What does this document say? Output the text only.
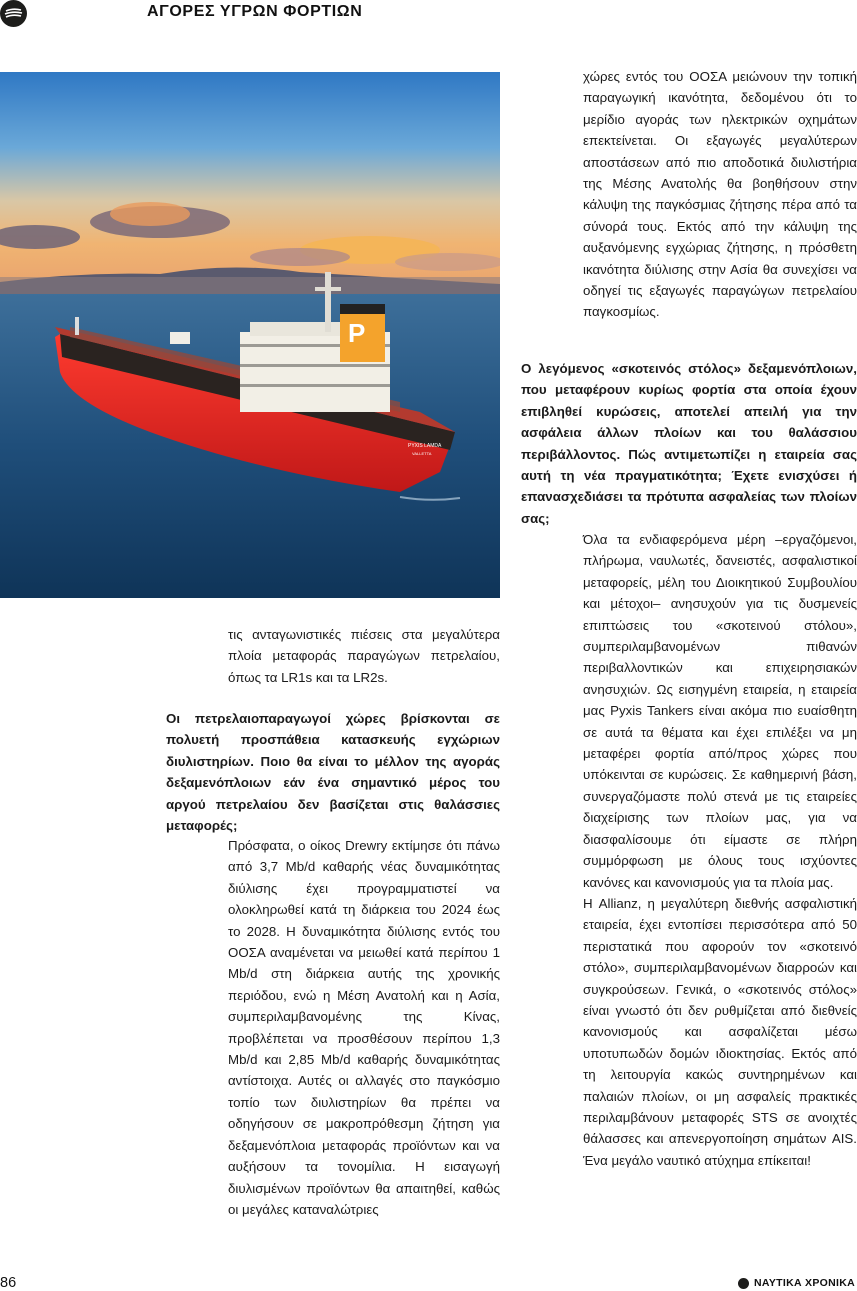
ΑΓΟΡΕΣ ΥΓΡΩΝ ΦΟΡΤΙΩΝ
P
PYXIS LAMDA
VALLETTA

χώρες εντός του ΟΟΣΑ μειώνουν την τοπική παραγωγική ικανότητα, δεδομένου ότι το μερίδιο αγοράς των ηλεκτρικών οχημάτων επεκτείνεται. Οι εξαγωγές μεγαλύτερων αποστάσεων από πιο αποδοτικά διυλιστήρια της Μέσης Ανατολής θα βοηθήσουν στην κάλυψη της παγκόσμιας ζήτησης πέρα από τα σύνορά τους. Εκτός από την κάλυψη της αυξανόμενης εγχώριας ζήτησης, η πρόσθετη ικανότητα διύλισης στην Ασία θα συνεχίσει να οδηγεί τις εξαγωγές παραγώγων πετρελαίου παγκοσμίως.

Ο λεγόμενος «σκοτεινός στόλος» δεξαμενόπλοιων, που μεταφέρουν κυρίως φορτία στα οποία έχουν επιβληθεί κυρώσεις, αποτελεί απειλή για την ασφάλεια άλλων πλοίων και του θαλάσσιου περιβάλλοντος. Πώς αντιμετωπίζει η εταιρεία σας αυτή τη νέα πραγματικότητα; Έχετε ενισχύσει ή επανασχεδιάσει τα πρότυπα ασφαλείας των πλοίων σας;

Όλα τα ενδιαφερόμενα μέρη –εργαζόμενοι, πλήρωμα, ναυλωτές, δανειστές, ασφαλιστικοί μεταφορείς, μέλη του Διοικητικού Συμβουλίου και μέτοχοι– ανησυχούν για τις δυσμενείς επιπτώσεις του «σκοτεινού στόλου», συμπεριλαμβανομένων πιθανών περιβαλλοντικών και επιχειρησιακών ανησυχιών. Ως εισηγμένη εταιρεία, η εταιρεία μας Pyxis Tankers είναι ακόμα πιο ευαίσθητη σε αυτά τα θέματα και έχει επιλέξει να μη μεταφέρει φορτία από/προς χώρες που υπόκεινται σε κυρώσεις. Σε καθημερινή βάση, συνεργαζόμαστε πολύ στενά με τις εταιρείες διαχείρισης των πλοίων μας, για να διασφαλίσουμε ότι είμαστε σε πλήρη συμμόρφωση με όλους τους ισχύοντες κανόνες και κανονισμούς για τα πλοία μας.

Η Allianz, η μεγαλύτερη διεθνής ασφαλιστική εταιρεία, έχει εντοπίσει περισσότερα από 50 περιστατικά που αφορούν τον «σκοτεινό στόλο», συμπεριλαμβανομένων διαρροών και συγκρούσεων. Γενικά, ο «σκοτεινός στόλος» είναι γνωστό ότι δεν ρυθμίζεται από διεθνείς κανονισμούς και ασφαλίζεται μέσω υποτυπωδών δομών ιδιοκτησίας. Εκτός από τη λειτουργία κακώς συντηρημένων και παλαιών πλοίων, οι μη ασφαλείς πρακτικές περιλαμβάνουν μεταφορές STS σε ανοιχτές θάλασσες και απενεργοποίηση σημάτων AIS. Ένα μεγάλο ναυτικό ατύχημα επίκειται!

τις ανταγωνιστικές πιέσεις στα μεγαλύτερα πλοία μεταφοράς παραγώγων πετρελαίου, όπως τα LR1s και τα LR2s.

Οι πετρελαιοπαραγωγοί χώρες βρίσκονται σε πολυετή προσπάθεια κατασκευής εγχώριων διυλιστηρίων. Ποιο θα είναι το μέλλον της αγοράς δεξαμενόπλοιων εάν ένα σημαντικό μέρος του αργού πετρελαίου δεν βασίζεται στις θαλάσσιες μεταφορές;

Πρόσφατα, ο οίκος Drewry εκτίμησε ότι πάνω από 3,7 Mb/d καθαρής νέας δυναμικότητας διύλισης έχει προγραμματιστεί να ολοκληρωθεί κατά τη διάρκεια του 2024 έως το 2028. Η δυναμικότητα διύλισης εντός του ΟΟΣΑ αναμένεται να μειωθεί κατά περίπου 1 Mb/d στη διάρκεια αυτής της χρονικής περιόδου, ενώ η Μέση Ανατολή και η Ασία, συμπεριλαμβανομένης της Κίνας, προβλέπεται να προσθέσουν περίπου 1,3 Mb/d και 2,85 Mb/d καθαρής δυναμικότητας αντίστοιχα. Αυτές οι αλλαγές στο παγκόσμιο τοπίο των διυλιστηρίων θα πρέπει να οδηγήσουν σε μακροπρόθεσμη ζήτηση για δεξαμενόπλοια μεταφοράς προϊόντων και να αυξήσουν τα τονομίλια. Η εισαγωγή διυλισμένων προϊόντων θα απαιτηθεί, καθώς οι μεγάλες καταναλώτριες

86	ΝΑΥΤΙΚΑ ΧΡΟΝΙΚΑ
